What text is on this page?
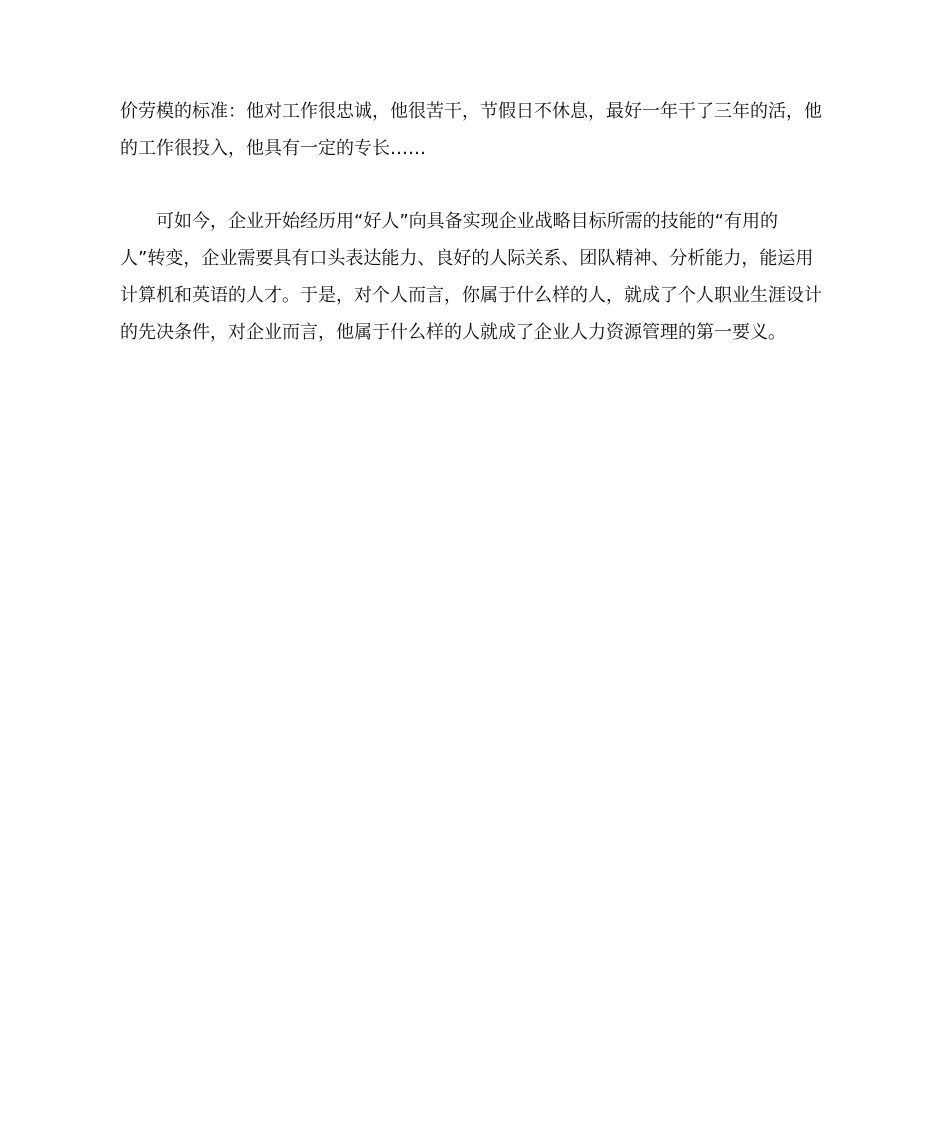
价劳模的标准：他对工作很忠诚，他很苦干，节假日不休息，最好一年干了三年的活，他
的工作很投入，他具有一定的专长……

可如今，企业开始经历用“好人”向具备实现企业战略目标所需的技能的“有用的
人”转变，企业需要具有口头表达能力、良好的人际关系、团队精神、分析能力，能运用
计算机和英语的人才。于是，对个人而言，你属于什么样的人，就成了个人职业生涯设计
的先决条件，对企业而言，他属于什么样的人就成了企业人力资源管理的第一要义。
